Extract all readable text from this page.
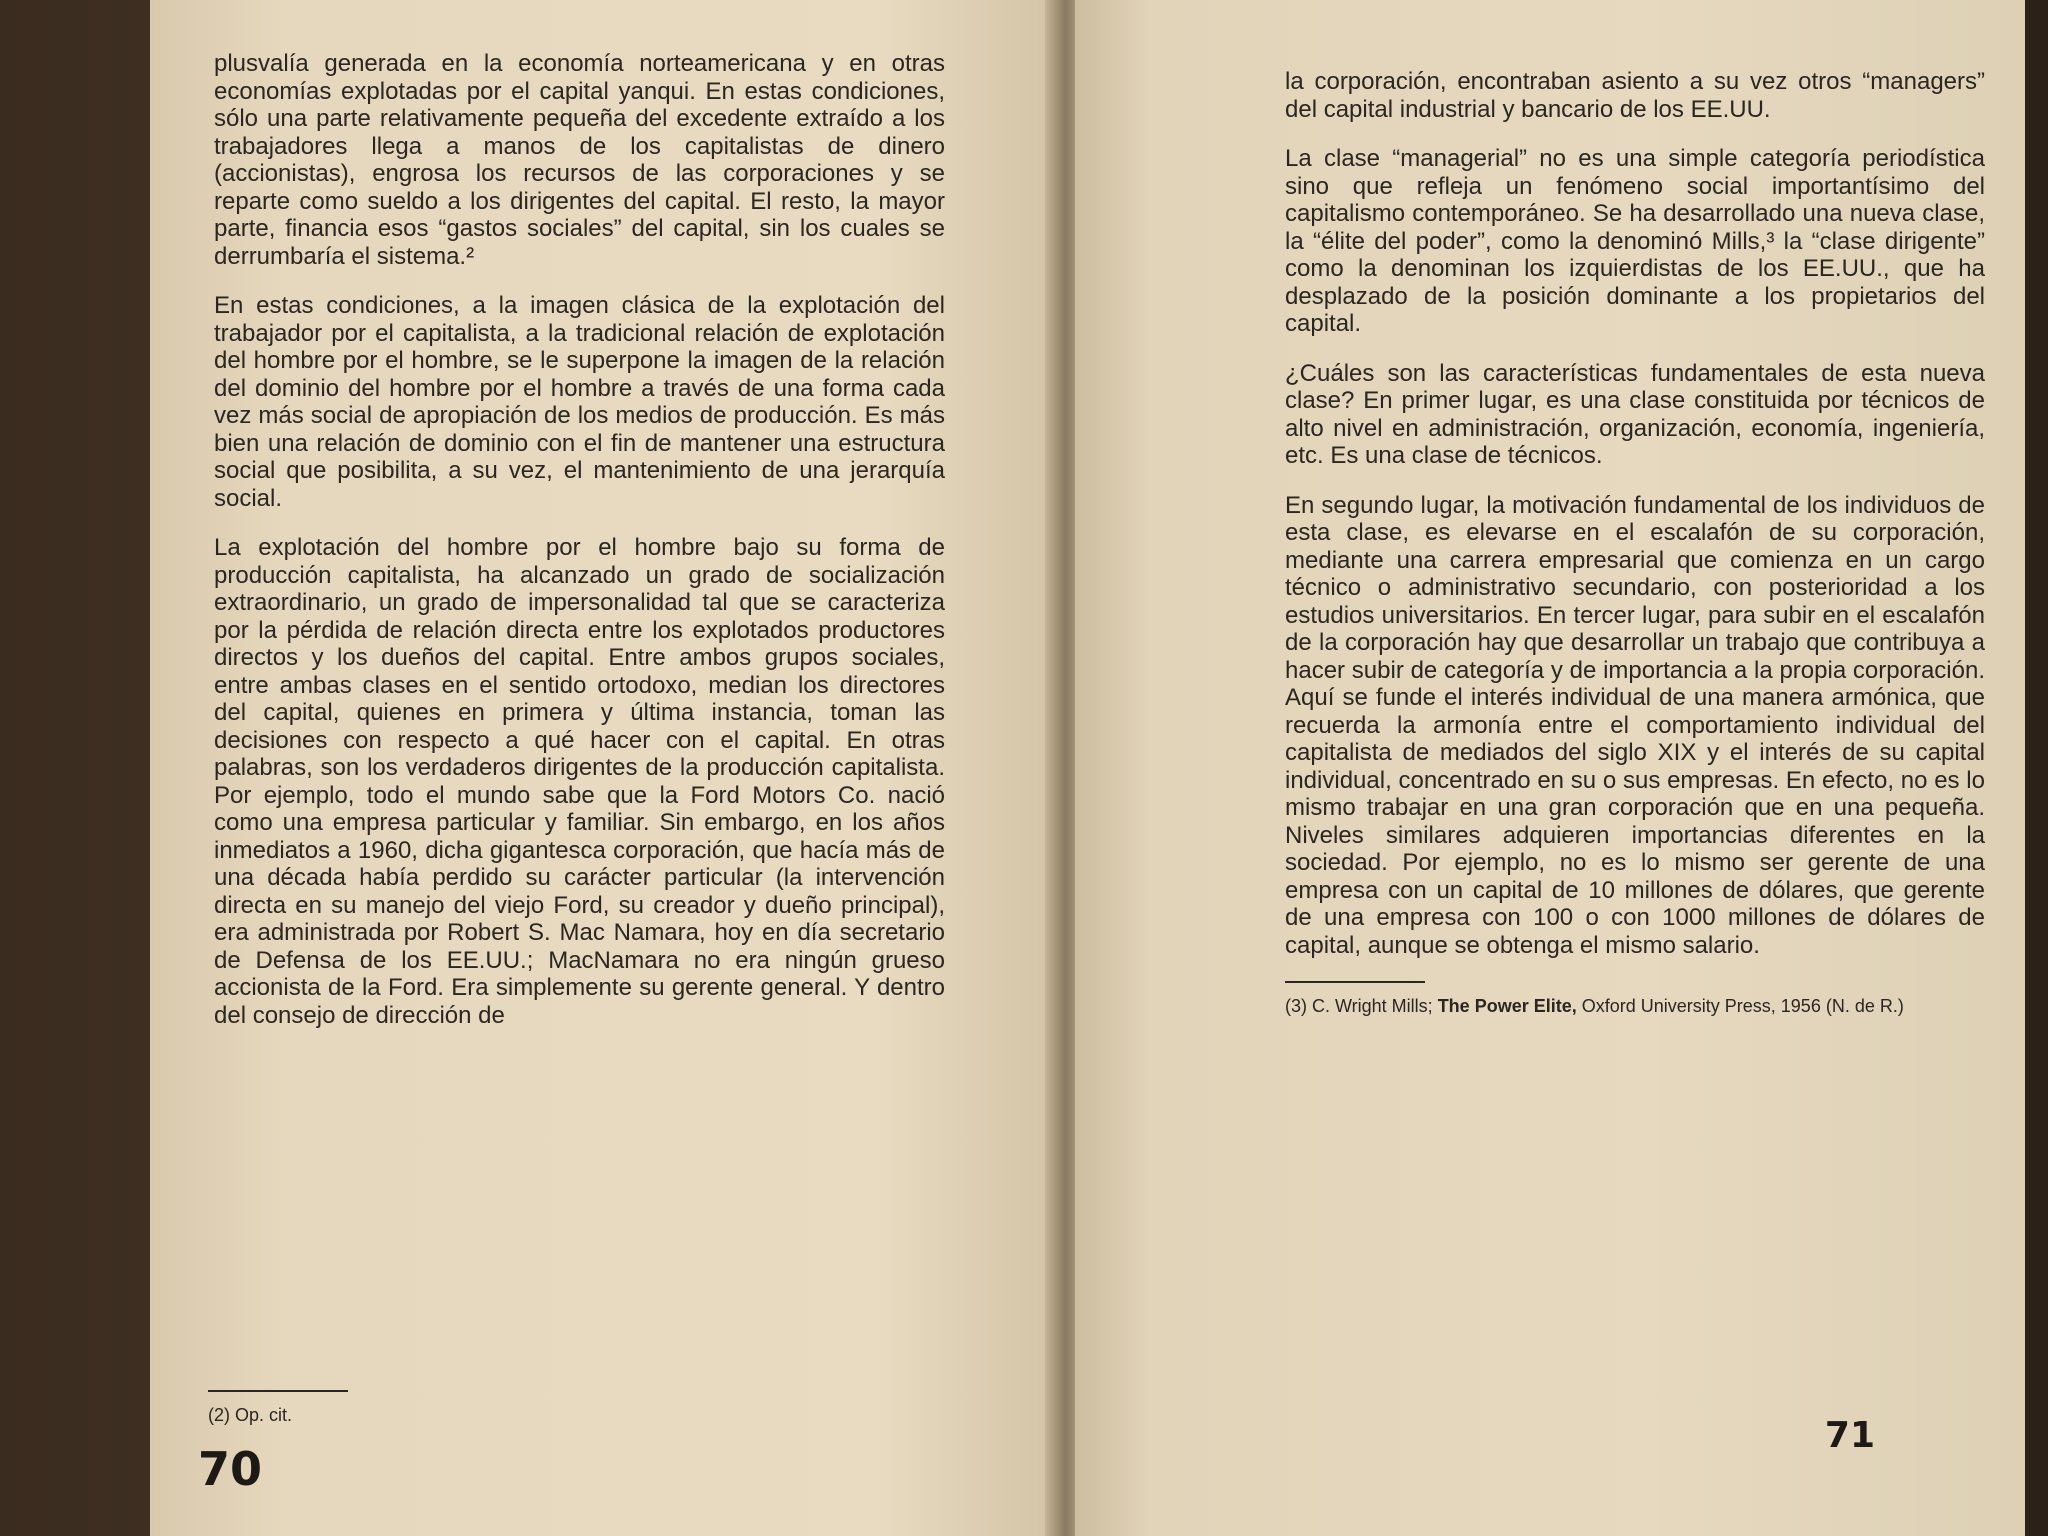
plusvalía generada en la economía norteamericana y en otras economías explotadas por el capital yanqui. En estas condiciones, sólo una parte relativamente pequeña del excedente extraído a los trabajadores llega a manos de los capitalistas de dinero (accionistas), engrosa los recursos de las corporaciones y se reparte como sueldo a los dirigentes del capital. El resto, la mayor parte, financia esos “gastos sociales” del capital, sin los cuales se derrumbaría el sistema.²

En estas condiciones, a la imagen clásica de la explotación del trabajador por el capitalista, a la tradicional relación de explotación del hombre por el hombre, se le superpone la imagen de la relación del dominio del hombre por el hombre a través de una forma cada vez más social de apropiación de los medios de producción. Es más bien una relación de dominio con el fin de mantener una estructura social que posibilita, a su vez, el mantenimiento de una jerarquía social.

La explotación del hombre por el hombre bajo su forma de producción capitalista, ha alcanzado un grado de socialización extraordinario, un grado de impersonalidad tal que se caracteriza por la pérdida de relación directa entre los explotados productores directos y los dueños del capital. Entre ambos grupos sociales, entre ambas clases en el sentido ortodoxo, median los directores del capital, quienes en primera y última instancia, toman las decisiones con respecto a qué hacer con el capital. En otras palabras, son los verdaderos dirigentes de la producción capitalista. Por ejemplo, todo el mundo sabe que la Ford Motors Co. nació como una empresa particular y familiar. Sin embargo, en los años inmediatos a 1960, dicha gigantesca corporación, que hacía más de una década había perdido su carácter particular (la intervención directa en su manejo del viejo Ford, su creador y dueño principal), era administrada por Robert S. Mac Namara, hoy en día secretario de Defensa de los EE.UU.; MacNamara no era ningún grueso accionista de la Ford. Era simplemente su gerente general. Y dentro del consejo de dirección de

(2) Op. cit.
70

la corporación, encontraban asiento a su vez otros “managers” del capital industrial y bancario de los EE.UU.

La clase “managerial” no es una simple categoría periodística sino que refleja un fenómeno social importantísimo del capitalismo contemporáneo. Se ha desarrollado una nueva clase, la “élite del poder”, como la denominó Mills,³ la “clase dirigente” como la denominan los izquierdistas de los EE.UU., que ha desplazado de la posición dominante a los propietarios del capital.

¿Cuáles son las características fundamentales de esta nueva clase? En primer lugar, es una clase constituida por técnicos de alto nivel en administración, organización, economía, ingeniería, etc. Es una clase de técnicos.

En segundo lugar, la motivación fundamental de los individuos de esta clase, es elevarse en el escalafón de su corporación, mediante una carrera empresarial que comienza en un cargo técnico o administrativo secundario, con posterioridad a los estudios universitarios. En tercer lugar, para subir en el escalafón de la corporación hay que desarrollar un trabajo que contribuya a hacer subir de categoría y de importancia a la propia corporación. Aquí se funde el interés individual de una manera armónica, que recuerda la armonía entre el comportamiento individual del capitalista de mediados del siglo XIX y el interés de su capital individual, concentrado en su o sus empresas. En efecto, no es lo mismo trabajar en una gran corporación que en una pequeña. Niveles similares adquieren importancias diferentes en la sociedad. Por ejemplo, no es lo mismo ser gerente de una empresa con un capital de 10 millones de dólares, que gerente de una empresa con 100 o con 1000 millones de dólares de capital, aunque se obtenga el mismo salario.

(3) C. Wright Mills; The Power Elite, Oxford University Press, 1956 (N. de R.)
71
